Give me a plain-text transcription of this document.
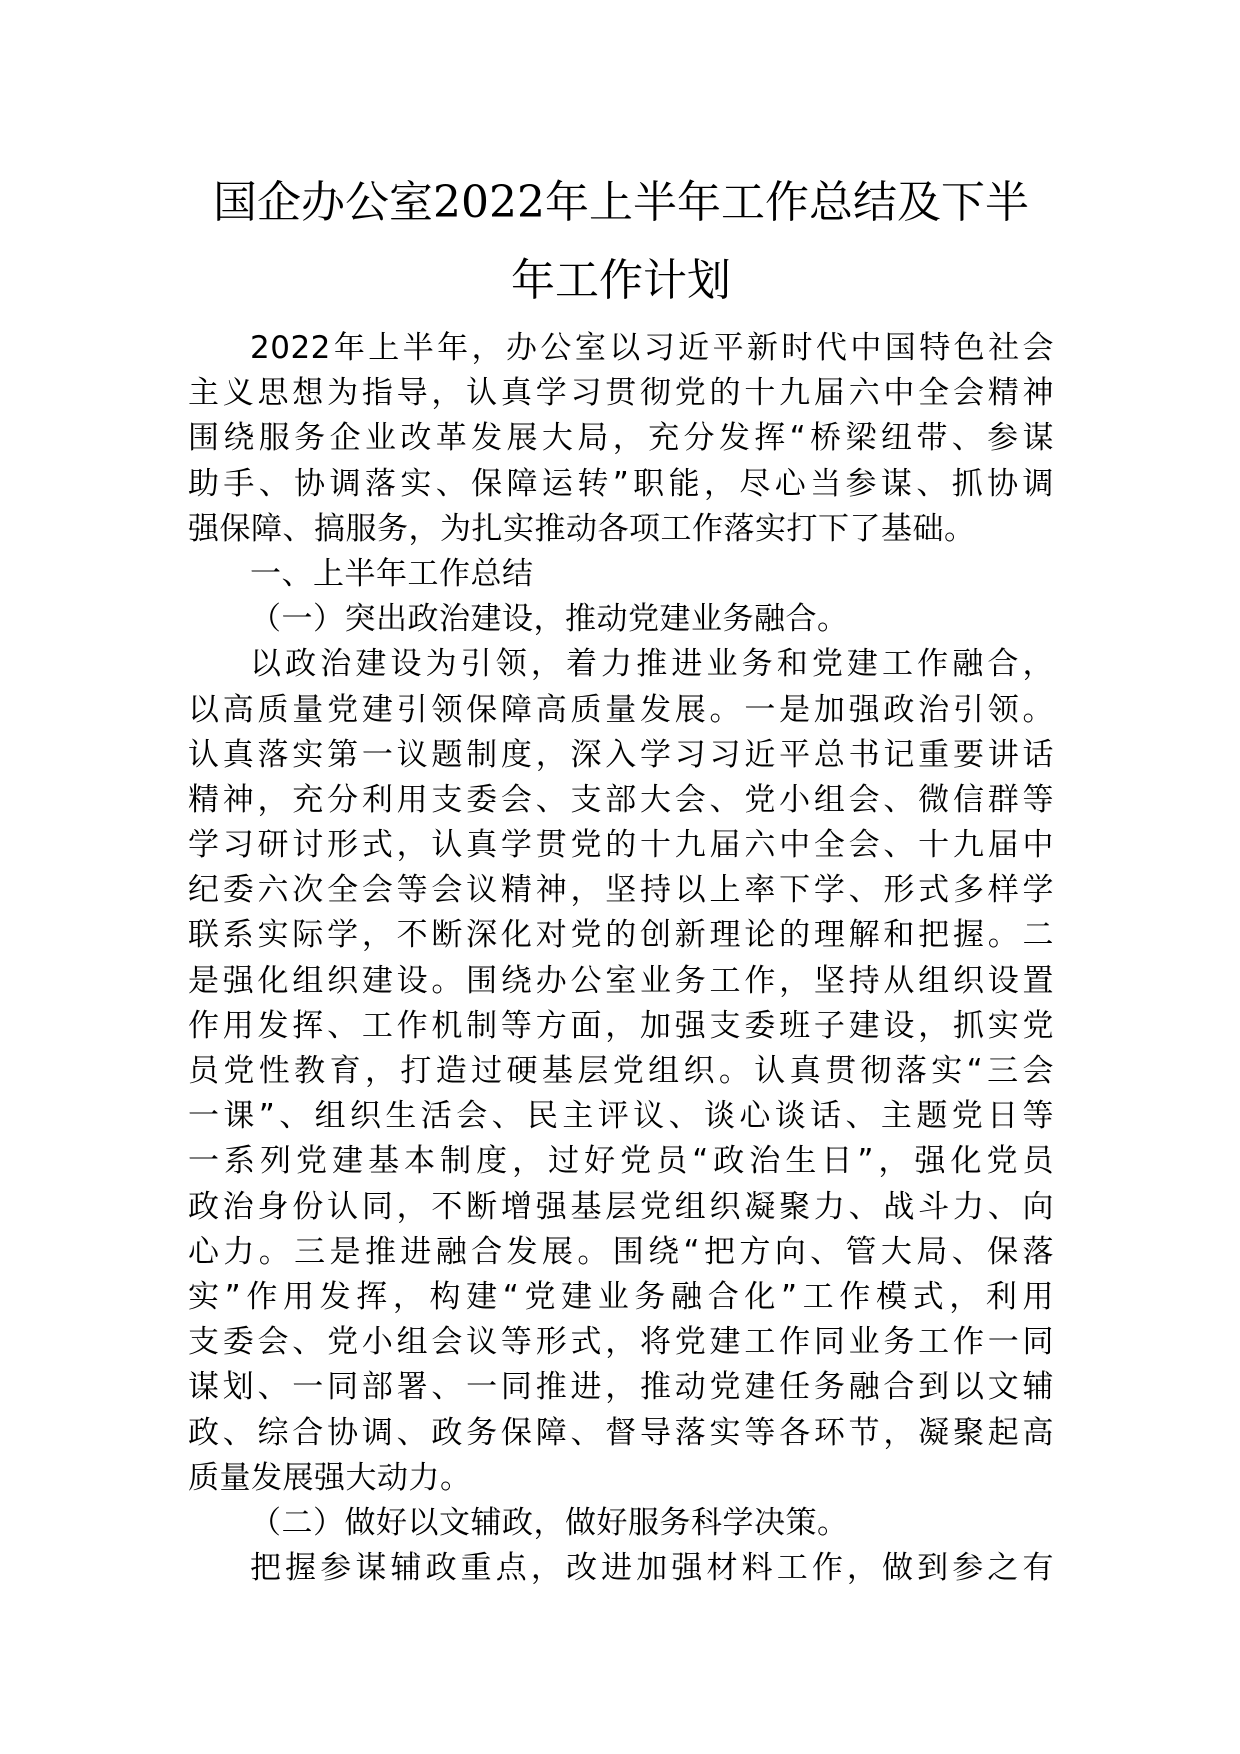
国企办公室2022年上半年工作总结及下半
年工作计划
2022年上半年，办公室以习近平新时代中国特色社会
主义思想为指导，认真学习贯彻党的十九届六中全会精神
围绕服务企业改革发展大局，充分发挥“桥梁纽带、参谋
助手、协调落实、保障运转”职能，尽心当参谋、抓协调
强保障、搞服务，为扎实推动各项工作落实打下了基础。
一、上半年工作总结
（一）突出政治建设，推动党建业务融合。
以政治建设为引领，着力推进业务和党建工作融合，
以高质量党建引领保障高质量发展。一是加强政治引领。
认真落实第一议题制度，深入学习习近平总书记重要讲话
精神，充分利用支委会、支部大会、党小组会、微信群等
学习研讨形式，认真学贯党的十九届六中全会、十九届中
纪委六次全会等会议精神，坚持以上率下学、形式多样学
联系实际学，不断深化对党的创新理论的理解和把握。二
是强化组织建设。围绕办公室业务工作，坚持从组织设置
作用发挥、工作机制等方面，加强支委班子建设，抓实党
员党性教育，打造过硬基层党组织。认真贯彻落实“三会
一课”、组织生活会、民主评议、谈心谈话、主题党日等
一系列党建基本制度，过好党员“政治生日”，强化党员
政治身份认同，不断增强基层党组织凝聚力、战斗力、向
心力。三是推进融合发展。围绕“把方向、管大局、保落
实”作用发挥，构建“党建业务融合化”工作模式，利用
支委会、党小组会议等形式，将党建工作同业务工作一同
谋划、一同部署、一同推进，推动党建任务融合到以文辅
政、综合协调、政务保障、督导落实等各环节，凝聚起高
质量发展强大动力。
（二）做好以文辅政，做好服务科学决策。
把握参谋辅政重点，改进加强材料工作，做到参之有
